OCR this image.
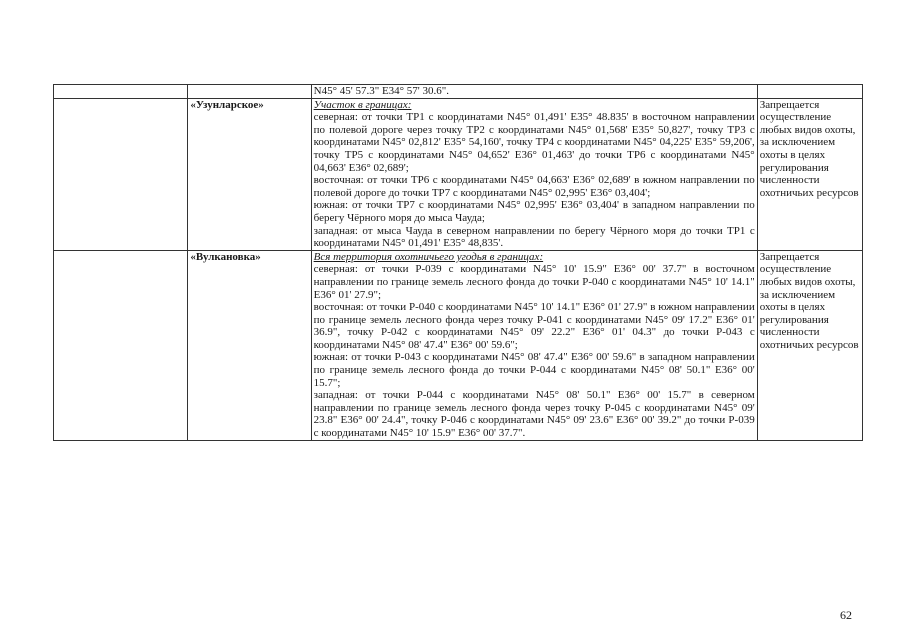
		N45° 45' 57.3" E34° 57' 30.6".	

	«Узунларское»	Участок в границах:
северная: от точки ТР1 с координатами N45° 01,491' E35° 48.835' в восточном направлении по полевой дороге через точку ТР2 с координатами N45° 01,568' E35° 50,827', точку ТР3 с координатами N45° 02,812' E35° 54,160', точку ТР4 с координатами N45° 04,225' E35° 59,206', точку ТР5 с координатами N45° 04,652' E36° 01,463' до точки ТР6 с координатами N45° 04,663' E36° 02,689';
восточная: от точки ТР6 с координатами N45° 04,663' E36° 02,689' в южном направлении по полевой дороге до точки ТР7 с координатами N45° 02,995' E36° 03,404';
южная: от точки ТР7 с координатами N45° 02,995' E36° 03,404' в западном направлении по берегу Чёрного моря до мыса Чауда;
западная: от мыса Чауда в северном направлении по берегу Чёрного моря до точки ТР1 с координатами N45° 01,491' E35° 48,835'.	Запрещается осуществление любых видов охоты, за исключением охоты в целях регулирования численности охотничьих ресурсов
	«Вулкановка»	Вся территория охотничьего угодья в границах:
северная: от точки Р-039 с координатами N45° 10' 15.9" E36° 00' 37.7" в восточном направлении по границе земель лесного фонда до точки Р-040 с координатами N45° 10' 14.1" E36° 01' 27.9";
восточная: от точки Р-040 с координатами N45° 10' 14.1" E36° 01' 27.9" в южном направлении по границе земель лесного фонда через точку Р-041 с координатами N45° 09' 17.2" E36° 01' 36.9", точку Р-042 с координатами N45° 09' 22.2" E36° 01' 04.3" до точки Р-043 с координатами N45° 08' 47.4" E36° 00' 59.6";
южная: от точки Р-043 с координатами N45° 08' 47.4" E36° 00' 59.6" в западном направлении по границе земель лесного фонда до точки Р-044 с координатами N45° 08' 50.1" E36° 00' 15.7";
западная: от точки Р-044 с координатами N45° 08' 50.1" E36° 00' 15.7" в северном направлении по границе земель лесного фонда через точку Р-045 с координатами N45° 09' 23.8" E36° 00' 24.4", точку Р-046 с координатами N45° 09' 23.6" E36° 00' 39.2" до точки Р-039 с координатами N45° 10' 15.9" E36° 00' 37.7".	Запрещается осуществление любых видов охоты, за исключением охоты в целях регулирования численности охотничьих ресурсов
62
